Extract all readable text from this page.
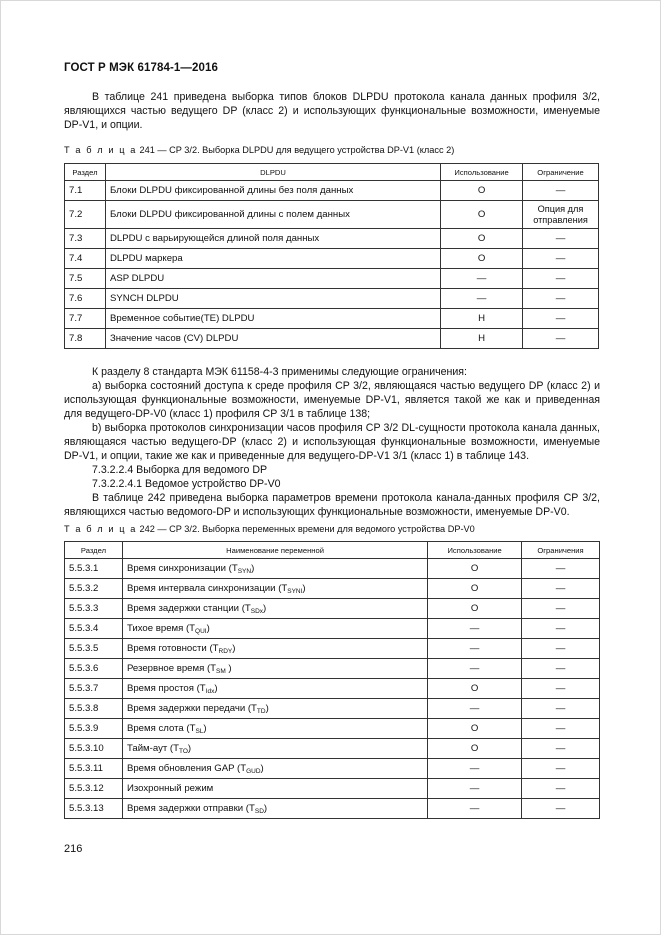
ГОСТ Р МЭК 61784-1—2016

В таблице 241 приведена выборка типов блоков DLPDU протокола канала данных профиля 3/2, являющихся частью ведущего DP (класс 2) и использующих функциональные возможности, именуемые DP-V1, и опции.

Т а б л и ц а 241 — CP 3/2. Выборка DLPDU для ведущего устройства DP-V1 (класс 2)
Раздел	DLPDU	Использование	Ограничение
7.1	Блоки DLPDU фиксированной длины без поля данных	О	—
7.2	Блоки DLPDU фиксированной длины с полем данных	О	Опция для отправления
7.3	DLPDU с варьирующейся длиной поля данных	О	—
7.4	DLPDU маркера	О	—
7.5	ASP DLPDU	—	—
7.6	SYNCH DLPDU	—	—
7.7	Временное событие(TE) DLPDU	Н	—
7.8	Значение часов (CV) DLPDU	Н	—

К разделу 8 стандарта МЭК 61158-4-3 применимы следующие ограничения:

а) выборка состояний доступа к среде профиля CP 3/2, являющаяся частью ведущего DP (класс 2) и использующая функциональные возможности, именуемые DP-V1, является такой же как и приведенная для ведущего-DP-V0 (класс 1) профиля CP 3/1 в таблице 138;

b) выборка протоколов синхронизации часов профиля CP 3/2 DL-сущности протокола канала данных, являющаяся частью ведущего-DP (класс 2) и использующая функциональные возможности, именуемые DP-V1, и опции, такие же как и приведенные для ведущего-DP-V1 3/1 (класс 1) в таблице 143.

7.3.2.2.4 Выборка для ведомого DP

7.3.2.2.4.1 Ведомое устройство DP-V0

В таблице 242 приведена выборка параметров времени протокола канала-данных профиля CP 3/2, являющихся частью ведомого-DP и использующих функциональные возможности, именуемые DP-V0.

Т а б л и ц а 242 — CP 3/2. Выборка переменных времени для ведомого устройства DP-V0
Раздел	Наименование переменной	Использование	Ограничения
5.5.3.1	Время синхронизации $(T_{SYN})$	О	—
5.5.3.2	Время интервала синхронизации $(T_{SYNI})$	О	—
5.5.3.3	Время задержки станции $(T_{SDx})$	О	—
5.5.3.4	Тихое время $(T_{QUI})$	—	—
5.5.3.5	Время готовности $(T_{RDY})$	—	—
5.5.3.6	Резервное время ($T_{SM}$ )	—	—
5.5.3.7	Время простоя $(T_{Idx})$	О	—
5.5.3.8	Время задержки передачи $(T_{TD})$	—	—
5.5.3.9	Время слота $(T_{SL})$	О	—
5.5.3.10	Тайм-аут $(T_{TO})$	О	—
5.5.3.11	Время обновления GAP $(T_{GUD})$	—	—
5.5.3.12	Изохронный режим	—	—
5.5.3.13	Время задержки отправки $(T_{SD})$	—	—
216
